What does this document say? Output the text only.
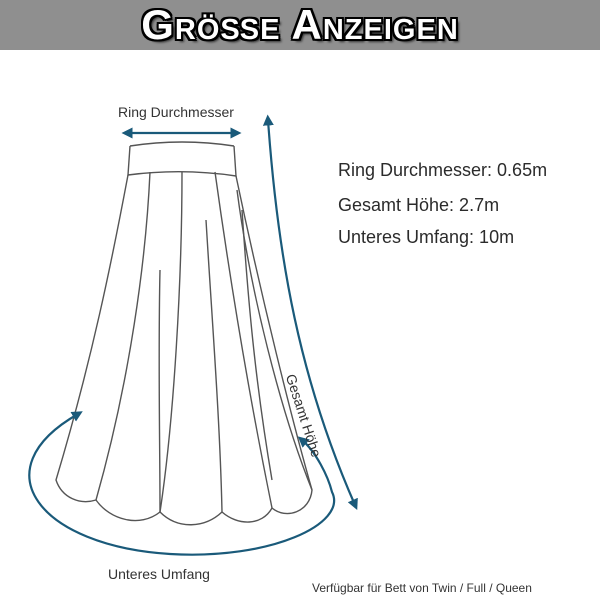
Größe Anzeigen
Ring Durchmesser
Gesamt Höhe
Unteres Umfang
Ring Durchmesser: 0.65m
Gesamt Höhe: 2.7m
Unteres Umfang: 10m
Verfügbar für Bett von Twin / Full / Queen
